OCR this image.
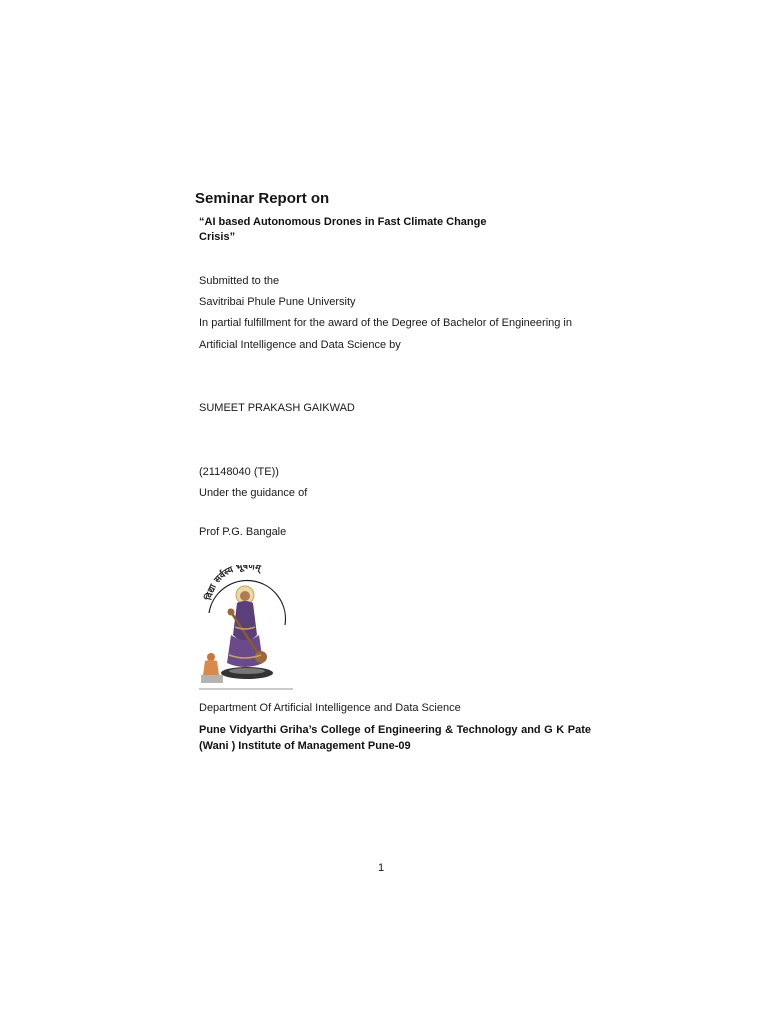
Seminar Report on
“AI based Autonomous Drones in Fast Climate Change
Crisis”
Submitted to the
Savitribai Phule Pune University
In partial fulfillment for the award of the Degree of Bachelor of Engineering in
Artificial Intelligence and Data Science by
SUMEET PRAKASH GAIKWAD
(21148040 (TE))
Under the guidance of
Prof P.G. Bangale
विद्या सर्वस्य भूषणम्
Department Of Artificial Intelligence and Data Science
Pune Vidyarthi Griha’s College of Engineering & Technology and G K Pate (Wani ) Institute of Management Pune-09
1
